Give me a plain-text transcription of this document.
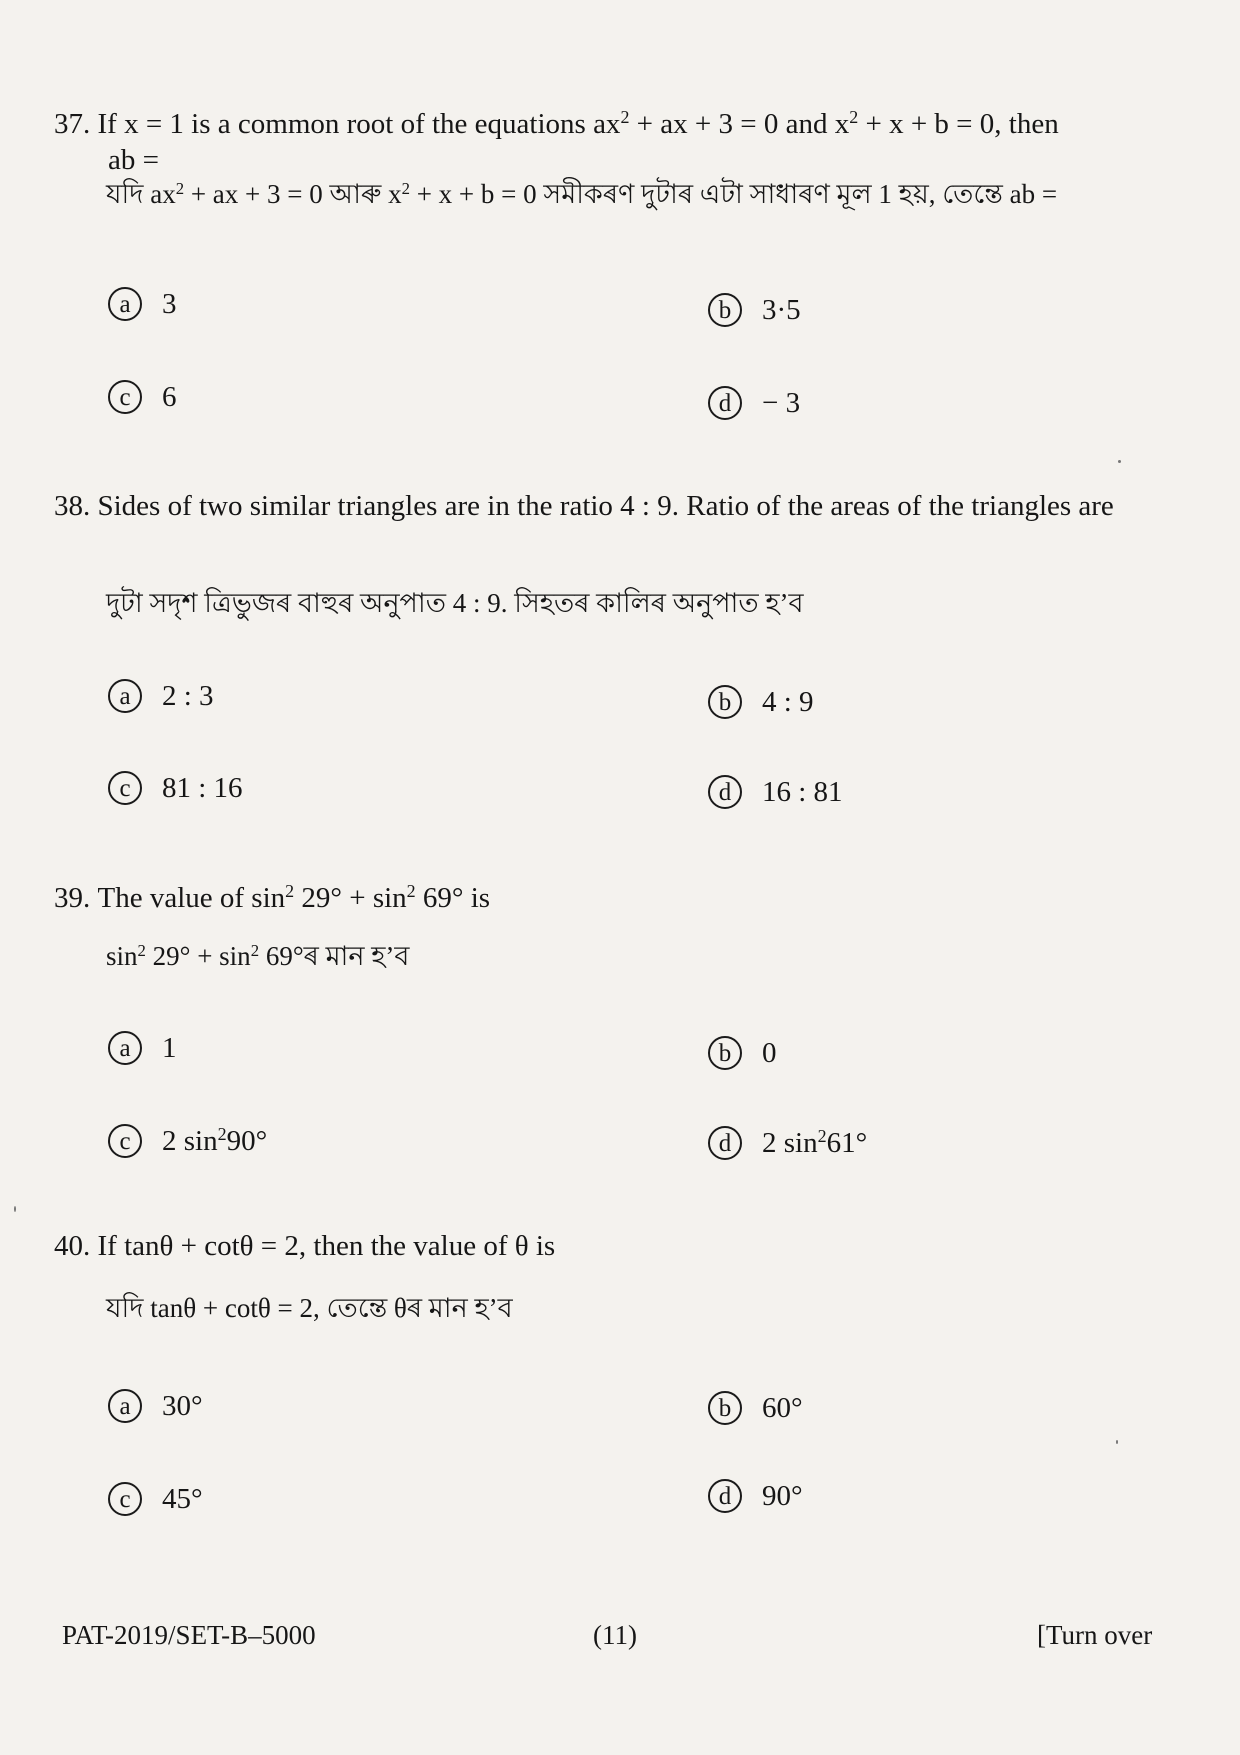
37. If x = 1 is a common root of the equations $ax^2$ + ax + 3 = 0 and $x^2 + x + b = 0$, then
ab =
যদি $ax^2$ + ax + 3 = 0 আৰু $x^2 + x + b = 0$ সমীকৰণ দুটাৰ এটা সাধাৰণ মূল 1 হয়, তেন্তে ab =
a	3	b	3·5
c	6	d	− 3
38. Sides of two similar triangles are in the ratio 4 : 9. Ratio of the areas of the triangles are
দুটা সদৃশ ত্ৰিভুজৰ বাহুৰ অনুপাত 4 : 9. সিহতৰ কালিৰ অনুপাত হ’ব
a	2 : 3	b	4 : 9
c	81 : 16	d	16 : 81
39. The value of $\sin^2 29^\circ + \sin^2 69^\circ$ is
$\sin^2 29^\circ + \sin^2$ 69°ৰ মান হ’ব
a	1	b	0
c	2 $\sin^290^\circ$	d	2 $\sin^261^\circ$
40. If tanθ + cotθ = 2, then the value of θ is
যদি tanθ + cotθ = 2, তেন্তে θৰ মান হ’ব
a	30°	b	60°
c	45°	d	90°
PAT-2019/SET-B–5000	(11)	[Turn over
